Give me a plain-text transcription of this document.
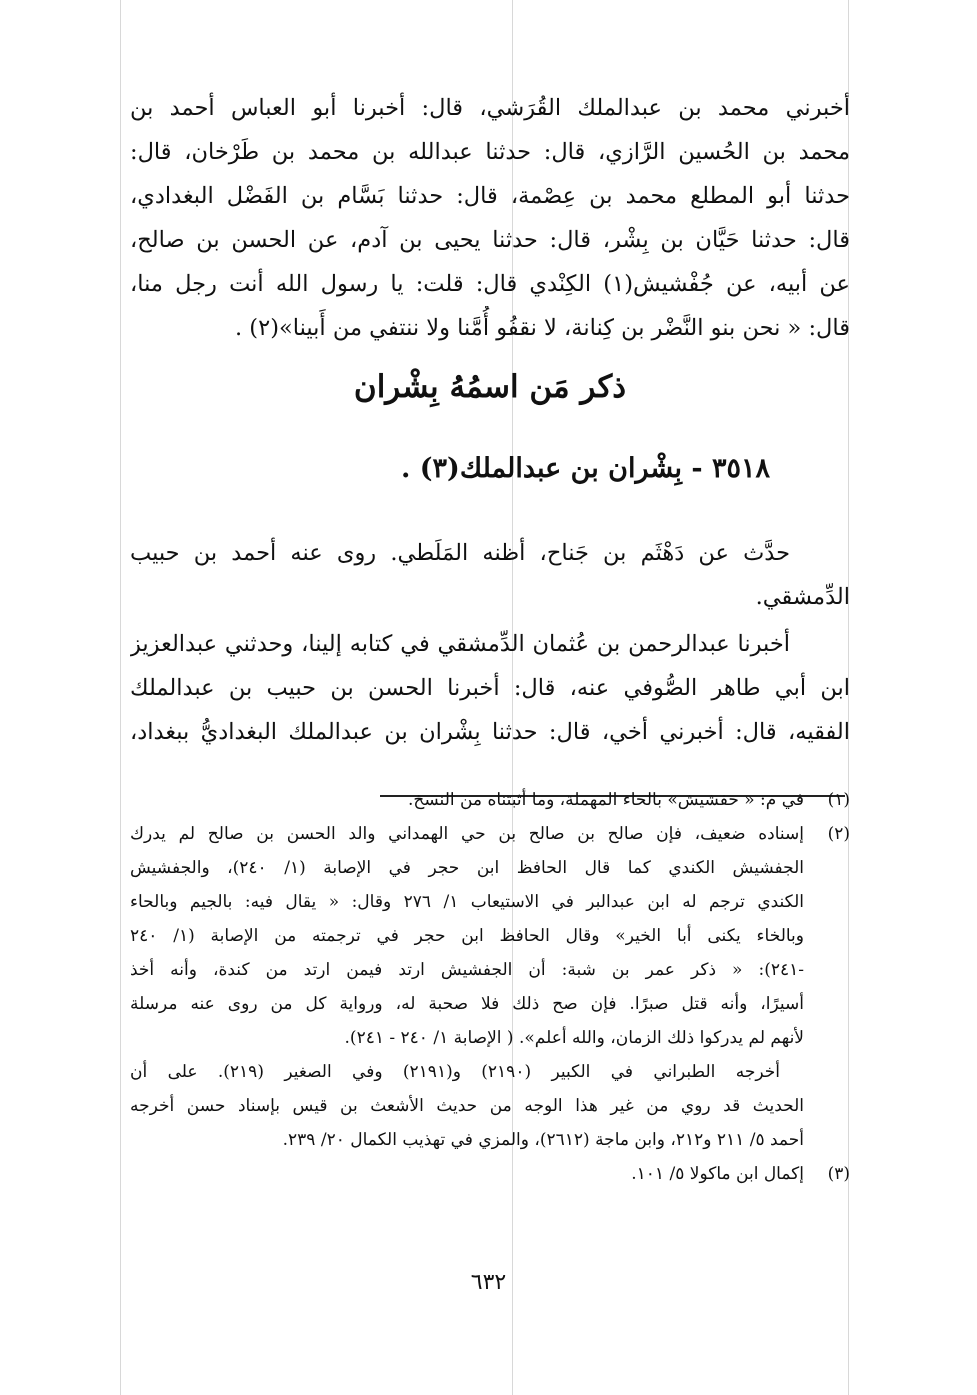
أخبرني محمد بن عبدالملك القُرَشي، قال: أخبرنا أبو العباس أحمد بن
محمد بن الحُسين الرَّازي، قال: حدثنا عبدالله بن محمد بن طَرْخان، قال:
حدثنا أبو المطلع محمد بن عِصْمة، قال: حدثنا بَسَّام بن الفَضْل البغدادي،
قال: حدثنا حَيَّان بن بِشْر، قال: حدثنا يحيى بن آدم، عن الحسن بن صالح،
عن أبيه، عن جُفْشيش(١) الكِنْدي قال: قلت: يا رسول الله أنت رجل منا،
قال: « نحن بنو النَّضْر بن كِنانة، لا نقفُو أُمَّنا ولا ننتفي من أَبينا»(٢) .
ذكر مَن اسمُهُ بِشْران
٣٥١٨ - بِشْران بن عبدالملك(٣) .
حدَّث عن دَهْثَم بن جَناح، أظنه المَلَطي. روى عنه أحمد بن حبيب
الدِّمشقي.
أخبرنا عبدالرحمن بن عُثمان الدِّمشقي في كتابه إلينا، وحدثني عبدالعزيز
ابن أبي طاهر الصُّوفي عنه، قال: أخبرنا الحسن بن حبيب بن عبدالملك
الفقيه، قال: أخبرني أخي، قال: حدثنا بِشْران بن عبدالملك البغداديُّ ببغداد،
(١)
في م: « حفشيش» بالحاء المهملة، وما أثبتناه من النسخ.
(٢)
إسناده ضعيف، فإن صالح بن صالح بن حي الهمداني والد الحسن بن صالح لم يدرك
الجفشيش الكندي كما قال الحافظ ابن حجر في الإصابة (١/ ٢٤٠)، والجفشيش
الكندي ترجم له ابن عبدالبر في الاستيعاب ١/ ٢٧٦ وقال: « يقال فيه: بالجيم وبالحاء
وبالخاء يكنى أبا الخير» وقال الحافظ ابن حجر في ترجمته من الإصابة (١/ ٢٤٠
-٢٤١): « ذكر عمر بن شبة: أن الجفشيش ارتد فيمن ارتد من كندة، وأنه أخذ
أسيرًا، وأنه قتل صبرًا. فإن صح ذلك فلا صحبة له، ورواية كل من روى عنه مرسلة
لأنهم لم يدركوا ذلك الزمان، والله أعلم». ( الإصابة ١/ ٢٤٠ - ٢٤١).
أخرجه الطبراني في الكبير (٢١٩٠) و(٢١٩١) وفي الصغير (٢١٩). على أن
الحديث قد روي من غير هذا الوجه من حديث الأشعث بن قيس بإسناد حسن أخرجه
أحمد ٥/ ٢١١ و٢١٢، وابن ماجة (٢٦١٢)، والمزي في تهذيب الكمال ٢٠/ ٢٣٩.
(٣)
إكمال ابن ماكولا ٥/ ١٠١.
٦٣٢
